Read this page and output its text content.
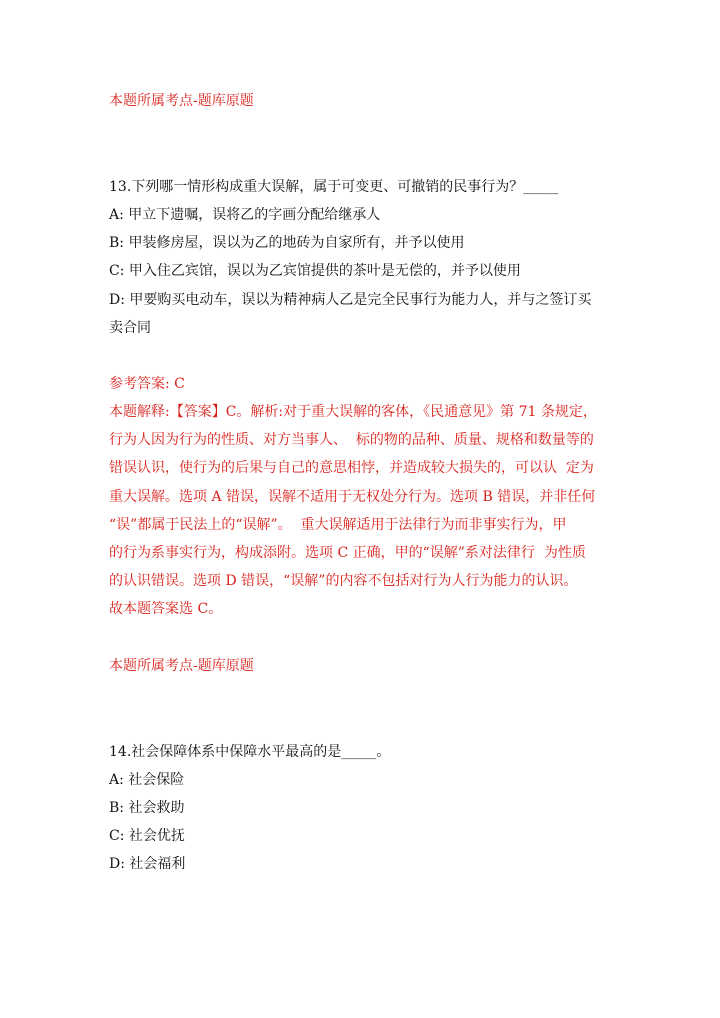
本题所属考点-题库原题
13.下列哪一情形构成重大误解，属于可变更、可撤销的民事行为？_____
A: 甲立下遗嘱，误将乙的字画分配给继承人
B: 甲装修房屋，误以为乙的地砖为自家所有，并予以使用
C: 甲入住乙宾馆，误以为乙宾馆提供的茶叶是无偿的，并予以使用
D: 甲要购买电动车，误以为精神病人乙是完全民事行为能力人，并与之签订买
卖合同
参考答案: C
本题解释:【答案】C。解析:对于重大误解的客体，《民通意见》第 71 条规定，
行为人因为行为的性质、对方当事人、  标的物的品种、质量、规格和数量等的
错误认识，使行为的后果与自己的意思相悖，并造成较大损失的，可以认  定为
重大误解。选项 A 错误，误解不适用于无权处分行为。选项 B 错误，并非任何
“误”都属于民法上的“误解”。  重大误解适用于法律行为而非事实行为，甲
的行为系事实行为，构成添附。选项 C 正确，甲的“误解”系对法律行  为性质
的认识错误。选项 D 错误，“误解”的内容不包括对行为人行为能力的认识。
故本题答案选 C。
本题所属考点-题库原题
14.社会保障体系中保障水平最高的是_____。
A: 社会保险
B: 社会救助
C: 社会优抚
D: 社会福利
